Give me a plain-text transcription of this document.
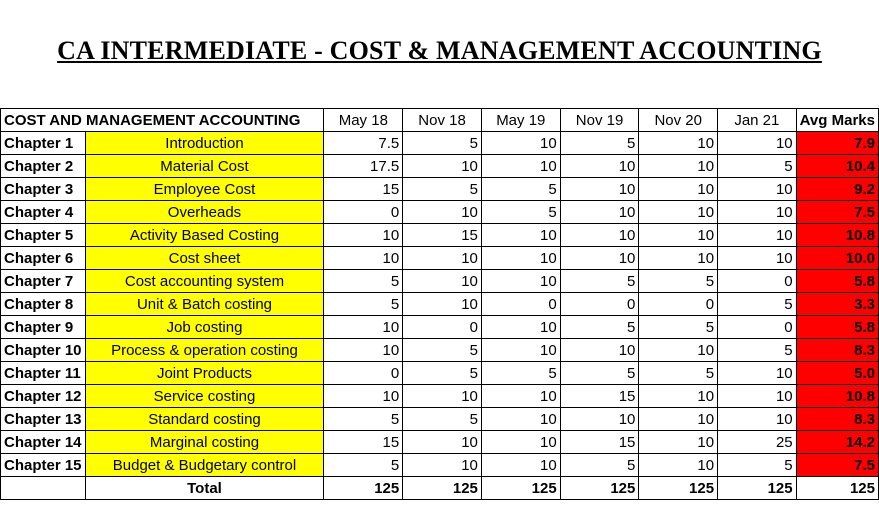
CA INTERMEDIATE - COST & MANAGEMENT ACCOUNTING
COST AND MANAGEMENT ACCOUNTING		May 18	Nov 18	May 19	Nov 19	Nov 20	Jan 21	Avg Marks
Chapter 1	Introduction	7.5	5	10	5	10	10	7.9
Chapter 2	Material Cost	17.5	10	10	10	10	5	10.4
Chapter 3	Employee Cost	15	5	5	10	10	10	9.2
Chapter 4	Overheads	0	10	5	10	10	10	7.5
Chapter 5	Activity Based Costing	10	15	10	10	10	10	10.8
Chapter 6	Cost sheet	10	10	10	10	10	10	10.0
Chapter 7	Cost accounting system	5	10	10	5	5	0	5.8
Chapter 8	Unit & Batch costing	5	10	0	0	0	5	3.3
Chapter 9	Job costing	10	0	10	5	5	0	5.8
Chapter 10	Process & operation costing	10	5	10	10	10	5	8.3
Chapter 11	Joint Products	0	5	5	5	5	10	5.0
Chapter 12	Service costing	10	10	10	15	10	10	10.8
Chapter 13	Standard costing	5	5	10	10	10	10	8.3
Chapter 14	Marginal costing	15	10	10	15	10	25	14.2
Chapter 15	Budget & Budgetary control	5	10	10	5	10	5	7.5
	Total	125	125	125	125	125	125	125
